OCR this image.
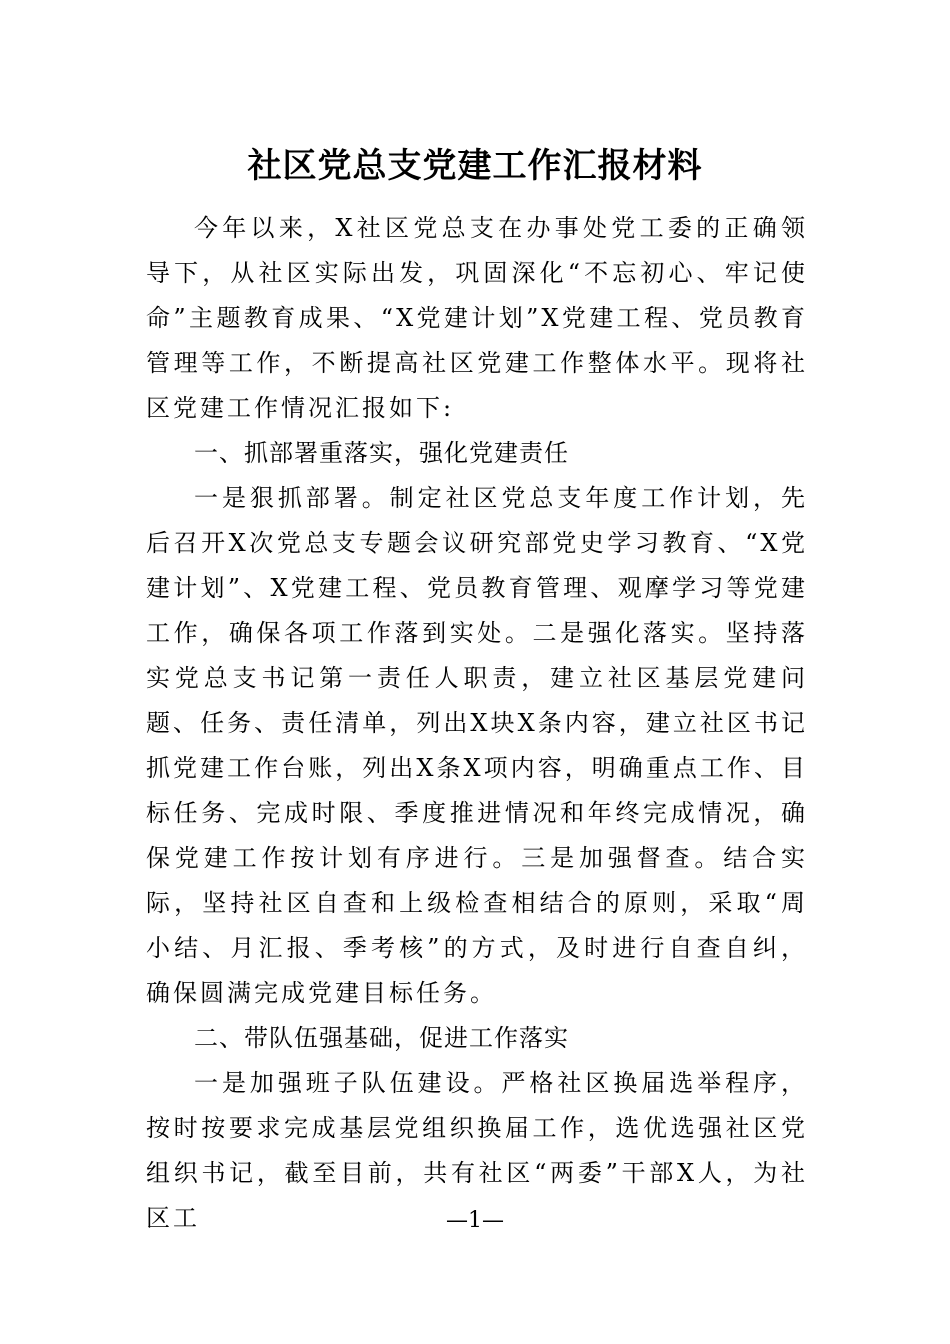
社区党总支党建工作汇报材料

今年以来，X社区党总支在办事处党工委的正确领导下，从社区实际出发，巩固深化“不忘初心、牢记使命”主题教育成果、“X党建计划”X党建工程、党员教育管理等工作，不断提高社区党建工作整体水平。现将社区党建工作情况汇报如下:

一、抓部署重落实，强化党建责任

一是狠抓部署。制定社区党总支年度工作计划，先后召开X次党总支专题会议研究部党史学习教育、“X党建计划”、X党建工程、党员教育管理、观摩学习等党建工作，确保各项工作落到实处。二是强化落实。坚持落实党总支书记第一责任人职责，建立社区基层党建问题、任务、责任清单，列出X块X条内容，建立社区书记抓党建工作台账，列出X条X项内容，明确重点工作、目标任务、完成时限、季度推进情况和年终完成情况，确保党建工作按计划有序进行。三是加强督查。结合实际，坚持社区自查和上级检查相结合的原则，采取“周小结、月汇报、季考核”的方式，及时进行自查自纠，确保圆满完成党建目标任务。

二、带队伍强基础，促进工作落实

一是加强班子队伍建设。严格社区换届选举程序，按时按要求完成基层党组织换届工作，选优选强社区党组织书记，截至目前，共有社区“两委”干部X人，为社区工	—1—
